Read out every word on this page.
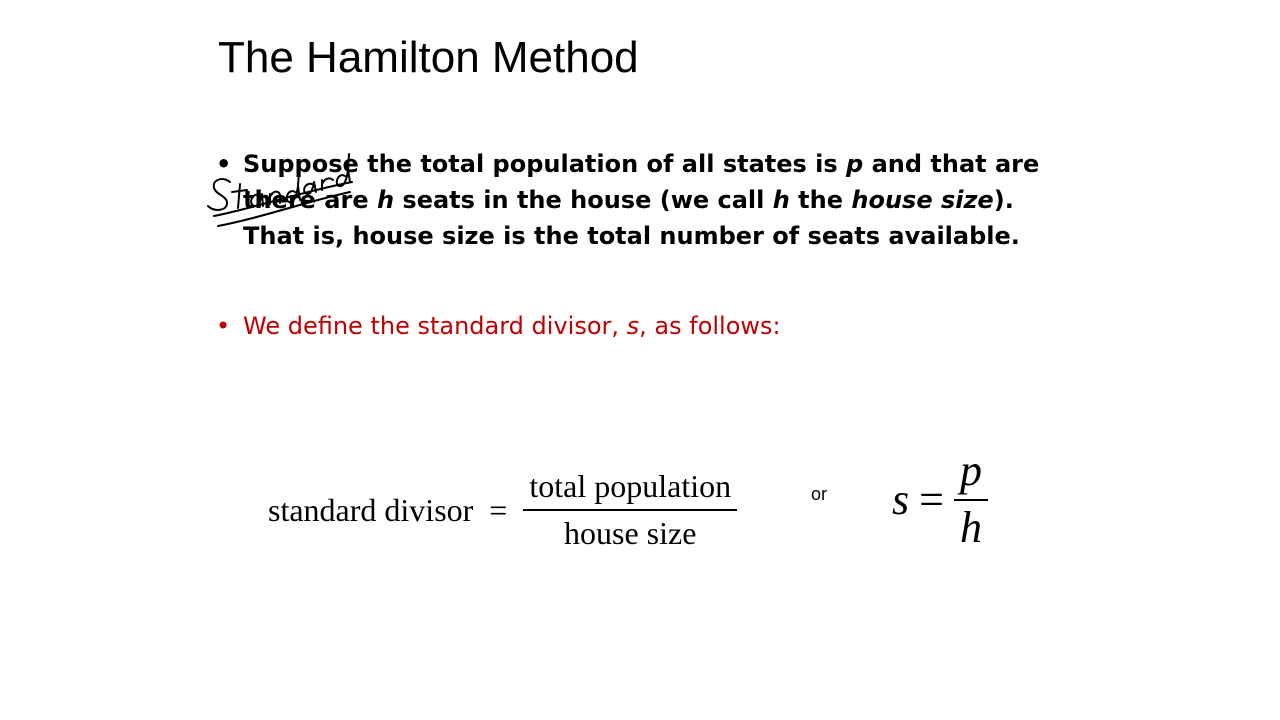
The Hamilton Method
• Suppose the total population of all states is p and that are there are h seats in the house (we call h the house size). That is, house size is the total number of seats available.
• We define the standard divisor, s, as follows:
standard divisor = $\frac{\text{total population}}{\text{house size}}$	or $s = \frac{p}{h}$
